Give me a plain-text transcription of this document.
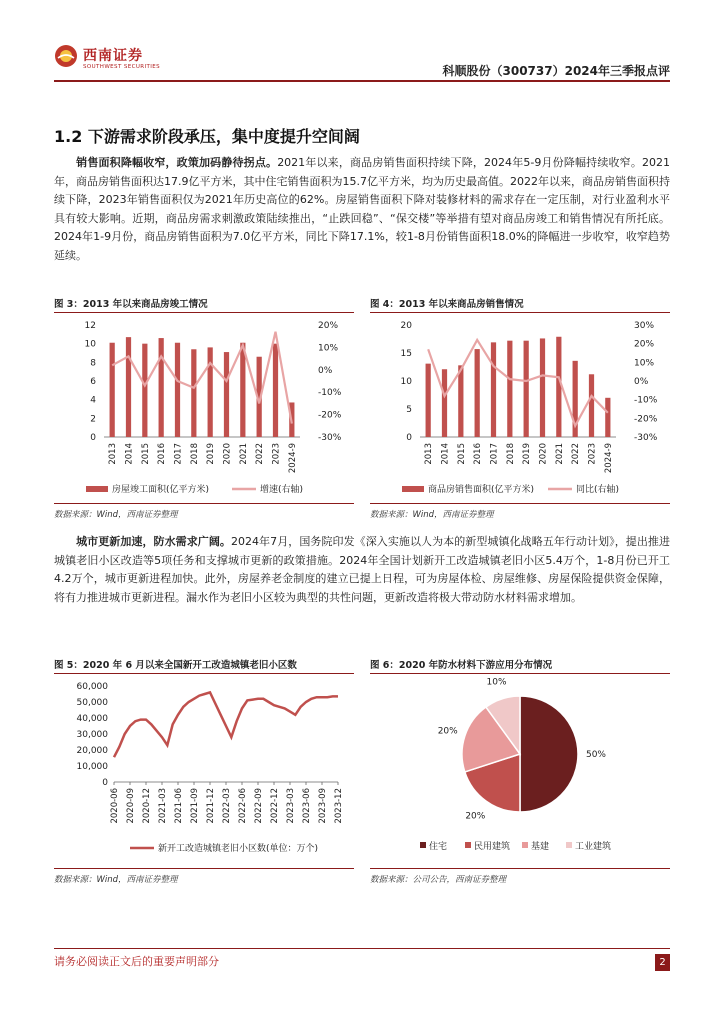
西南证券
SOUTHWEST SECURITIES	科顺股份（300737）2024年三季报点评
1.2 下游需求阶段承压，集中度提升空间阔
销售面积降幅收窄，政策加码静待拐点。2021年以来，商品房销售面积持续下降，2024年5-9月份降幅持续收窄。2021年，商品房销售面积达17.9亿平方米，其中住宅销售面积为15.7亿平方米，均为历史最高值。2022年以来，商品房销售面积持续下降，2023年销售面积仅为2021年历史高位的62%。房屋销售面积下降对装修材料的需求存在一定压制，对行业盈利水平具有较大影响。近期，商品房需求刺激政策陆续推出，“止跌回稳”、“保交楼”等举措有望对商品房竣工和销售情况有所托底。2024年1-9月份，商品房销售面积为7.0亿平方米，同比下降17.1%，较1-8月份销售面积18.0%的降幅进一步收窄，收窄趋势延续。
图 3：2013 年以来商品房竣工情况
0
2
4
6
8
10
12
-30%
-20%
-10%
0%
10%
20%
2013 2014 2015 2016 2017 2018 2019 2020 2021 2022 2023 2024-9
房屋竣工面积(亿平方米)	增速(右轴)
数据来源：Wind，西南证券整理
图 4：2013 年以来商品房销售情况
0
5
10
15
20
-30%
-20%
-10%
0%
10%
20%
30%
2013 2014 2015 2016 2017 2018 2019 2020 2021 2022 2023 2024-9
商品房销售面积(亿平方米)	同比(右轴)
数据来源：Wind，西南证券整理
城市更新加速，防水需求广阔。2024年7月，国务院印发《深入实施以人为本的新型城镇化战略五年行动计划》，提出推进城镇老旧小区改造等5项任务和支撑城市更新的政策措施。2024年全国计划新开工改造城镇老旧小区5.4万个，1-8月份已开工4.2万个，城市更新进程加快。此外，房屋养老金制度的建立已提上日程，可为房屋体检、房屋维修、房屋保险提供资金保障，将有力推进城市更新进程。漏水作为老旧小区较为典型的共性问题，更新改造将极大带动防水材料需求增加。
图 5：2020 年 6 月以来全国新开工改造城镇老旧小区数
0
10,000
20,000
30,000
40,000
50,000
60,000
2020-06 2020-09 2020-12 2021-03 2021-06 2021-09 2021-12 2022-03 2022-06 2022-09 2022-12 2023-03 2023-06 2023-09 2023-12
新开工改造城镇老旧小区数(单位：万个)
数据来源：Wind，西南证券整理
图 6：2020 年防水材料下游应用分布情况
50%
20%
20%
10%
住宅	民用建筑 基建	工业建筑
数据来源：公司公告，西南证券整理
请务必阅读正文后的重要声明部分	2
